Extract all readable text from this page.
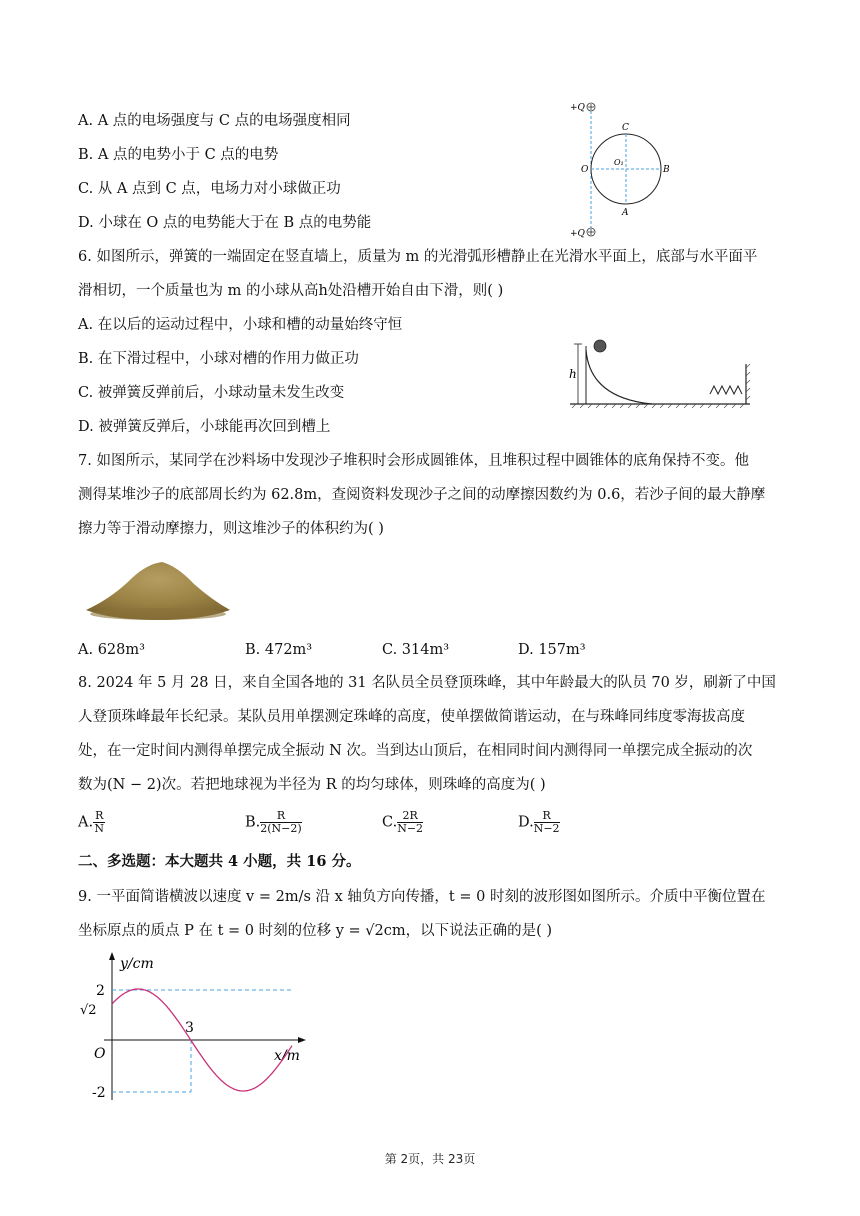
A. A 点的电场强度与 C 点的电场强度相同
B. A 点的电势小于 C 点的电势
C. 从 A 点到 C 点，电场力对小球做正功
D. 小球在 O 点的电势能大于在 B 点的电势能
+Q
C
O
O₁
B
A
+Q
6. 如图所示，弹簧的一端固定在竖直墙上，质量为 m 的光滑弧形槽静止在光滑水平面上，底部与水平面平
滑相切，一个质量也为 m 的小球从高h处沿槽开始自由下滑，则( )
A. 在以后的运动过程中，小球和槽的动量始终守恒
B. 在下滑过程中，小球对槽的作用力做正功
C. 被弹簧反弹前后，小球动量未发生改变
D. 被弹簧反弹后，小球能再次回到槽上
h
7. 如图所示，某同学在沙料场中发现沙子堆积时会形成圆锥体，且堆积过程中圆锥体的底角保持不变。他
测得某堆沙子的底部周长约为 62.8m，查阅资料发现沙子之间的动摩擦因数约为 0.6，若沙子间的最大静摩
擦力等于滑动摩擦力，则这堆沙子的体积约为( )
A. 628m³	B. 472m³	C. 314m³	D. 157m³
8. 2024 年 5 月 28 日，来自全国各地的 31 名队员全员登顶珠峰，其中年龄最大的队员 70 岁，刷新了中国
人登顶珠峰最年长纪录。某队员用单摆测定珠峰的高度，使单摆做简谐运动，在与珠峰同纬度零海拔高度
处，在一定时间内测得单摆完成全振动 N 次。当到达山顶后，在相同时间内测得同一单摆完成全振动的次
数为(N − 2)次。若把地球视为半径为 R 的均匀球体，则珠峰的高度为( )
A. $\frac{R}{N}$	B. $\frac{R}{2(N-2)}$	C. $\frac{2R}{N-2}$	D. $\frac{R}{N-2}$
二、多选题：本大题共 4 小题，共 16 分。
9. 一平面简谐横波以速度 v = 2m/s 沿 x 轴负方向传播，t = 0 时刻的波形图如图所示。介质中平衡位置在
坐标原点的质点 P 在 t = 0 时刻的位移 y = √2cm，以下说法正确的是( )
y/cm
x/m
O
2
√2
3
-2
第 2页，共 23页
